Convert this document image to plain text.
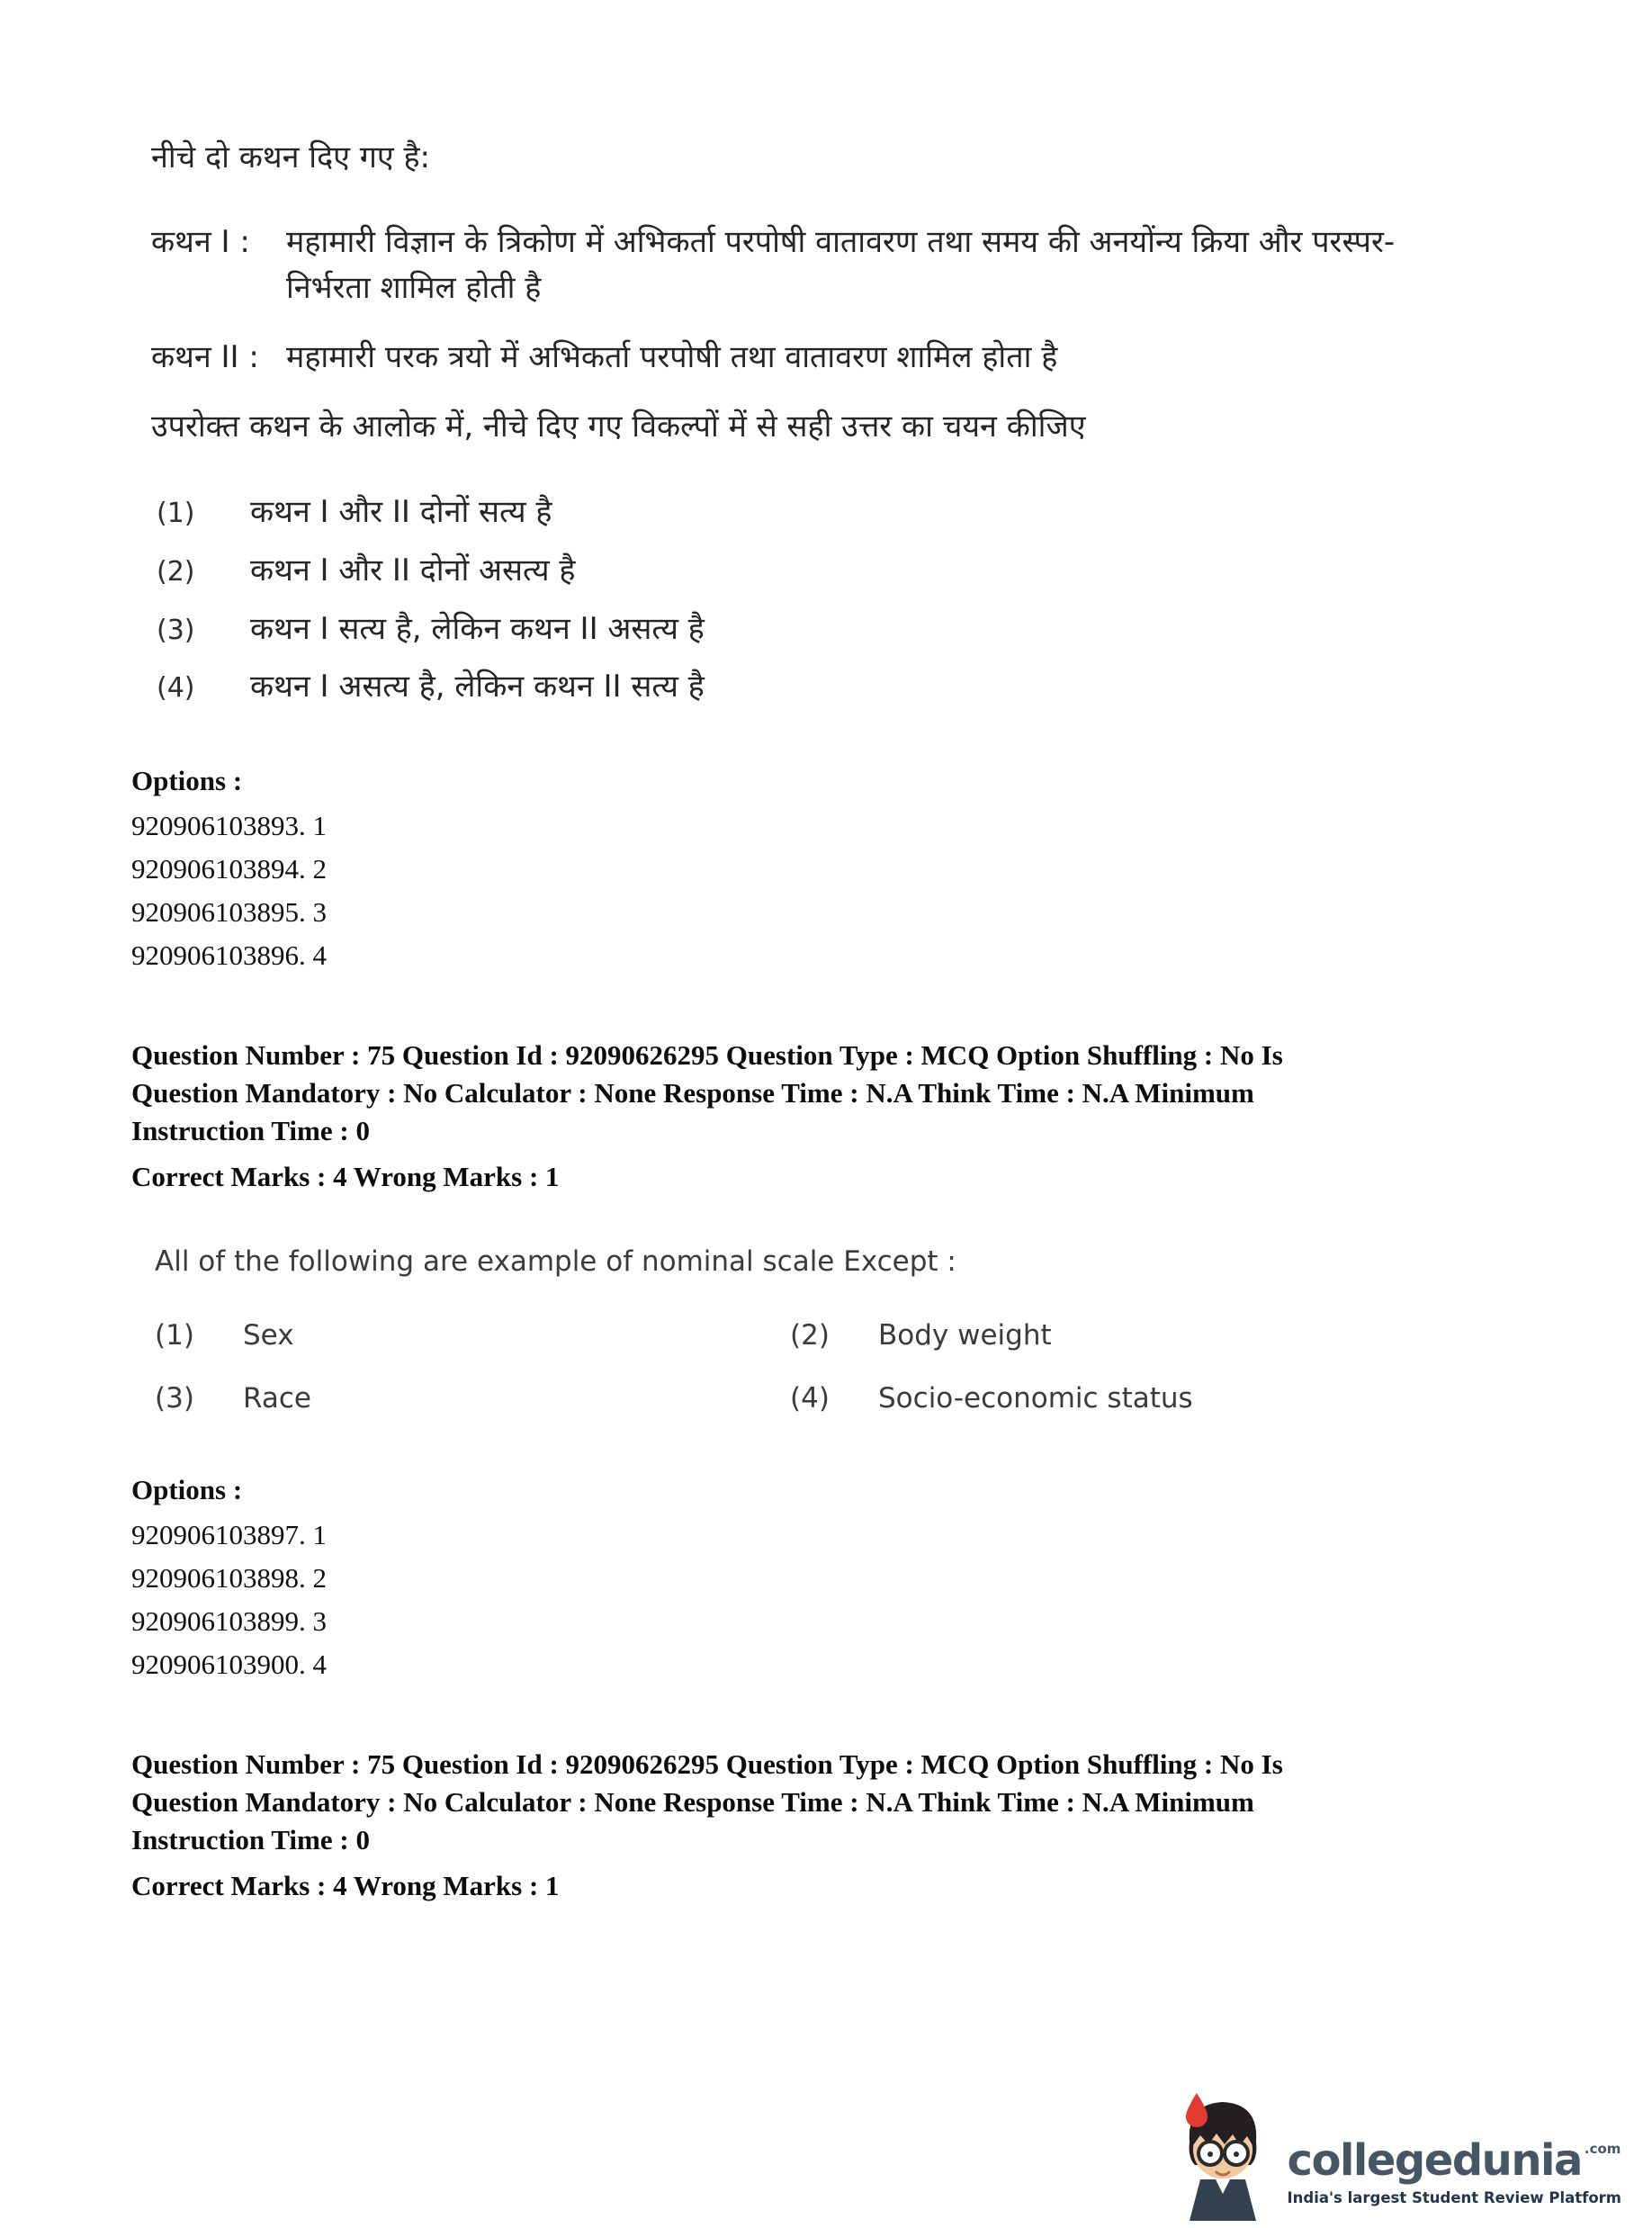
नीचे दो कथन दिए गए है:

कथन I :	महामारी विज्ञान के त्रिकोण में अभिकर्ता परपोषी वातावरण तथा समय की अनयोंन्य क्रिया और परस्पर-निर्भरता शामिल होती है
कथन II : महामारी परक त्रयो में अभिकर्ता परपोषी तथा वातावरण शामिल होता है

उपरोक्त कथन के आलोक में, नीचे दिए गए विकल्पों में से सही उत्तर का चयन कीजिए

(1)	कथन I और II दोनों सत्य है
(2)	कथन I और II दोनों असत्य है
(3)	कथन I सत्य है, लेकिन कथन II असत्य है
(4)	कथन I असत्य है, लेकिन कथन II सत्य है

Options :

920906103893. 1

920906103894. 2

920906103895. 3

920906103896. 4

Question Number : 75 Question Id : 92090626295 Question Type : MCQ Option Shuffling : No Is

Question Mandatory : No Calculator : None Response Time : N.A Think Time : N.A Minimum

Instruction Time : 0

Correct Marks : 4 Wrong Marks : 1

All of the following are example of nominal scale Except :

(1)	Sex	(2)	Body weight
(3)	Race	(4)	Socio-economic status

Options :

920906103897. 1

920906103898. 2

920906103899. 3

920906103900. 4

Question Number : 75 Question Id : 92090626295 Question Type : MCQ Option Shuffling : No Is

Question Mandatory : No Calculator : None Response Time : N.A Think Time : N.A Minimum

Instruction Time : 0

Correct Marks : 4 Wrong Marks : 1

collegedunia .com
India's largest Student Review Platform
